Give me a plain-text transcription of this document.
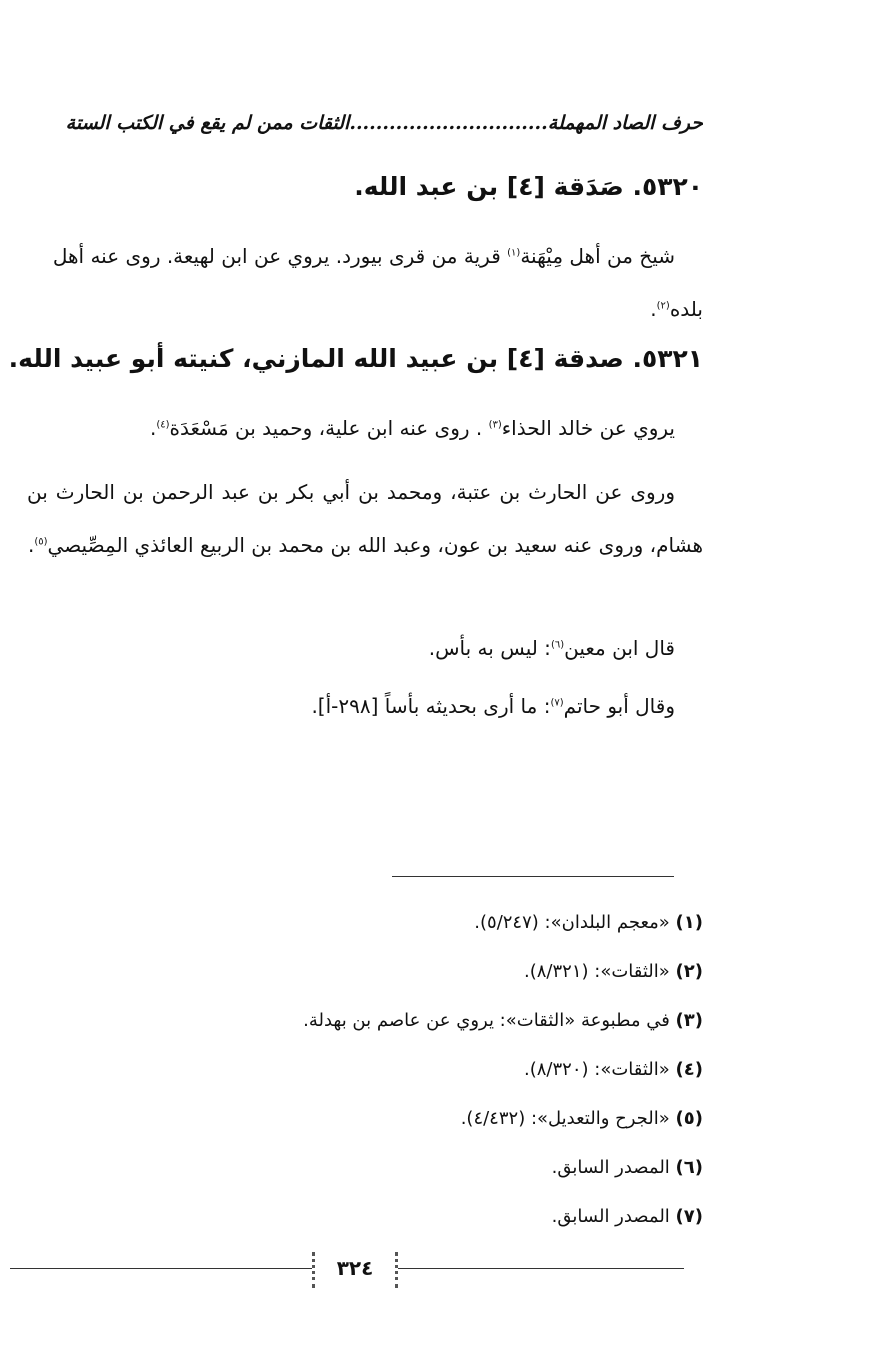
حرف الصاد المهملة..............................الثقات ممن لم يقع في الكتب الستة
٥٣٢٠. صَدَقة [٤] بن عبد الله.
شيخ من أهل مِيْهَنة$^{(١)}$ قرية من قرى بيورد. يروي عن ابن لهيعة. روى عنه أهل بلده$^{(٢)}$.
٥٣٢١. صدقة [٤] بن عبيد الله المازني، كنيته أبو عبيد الله.
يروي عن خالد الحذاء$^{(٣)}$ . روى عنه ابن علية، وحميد بن مَسْعَدَة$^{(٤)}$.
وروى عن الحارث بن عتبة، ومحمد بن أبي بكر بن عبد الرحمن بن الحارث بن هشام، وروى عنه سعيد بن عون، وعبد الله بن محمد بن الربيع العائذي المِصِّيصي$^{(٥)}$.
قال ابن معين$^{(٦)}$: ليس به بأس.
وقال أبو حاتم$^{(٧)}$: ما أرى بحديثه بأساً [٢٩٨-أ].
(١) «معجم البلدان»: (٥/٢٤٧).
(٢) «الثقات»: (٨/٣٢١).
(٣) في مطبوعة «الثقات»: يروي عن عاصم بن بهدلة.
(٤) «الثقات»: (٨/٣٢٠).
(٥) «الجرح والتعديل»: (٤/٤٣٢).
(٦) المصدر السابق.
(٧) المصدر السابق.
٣٢٤
